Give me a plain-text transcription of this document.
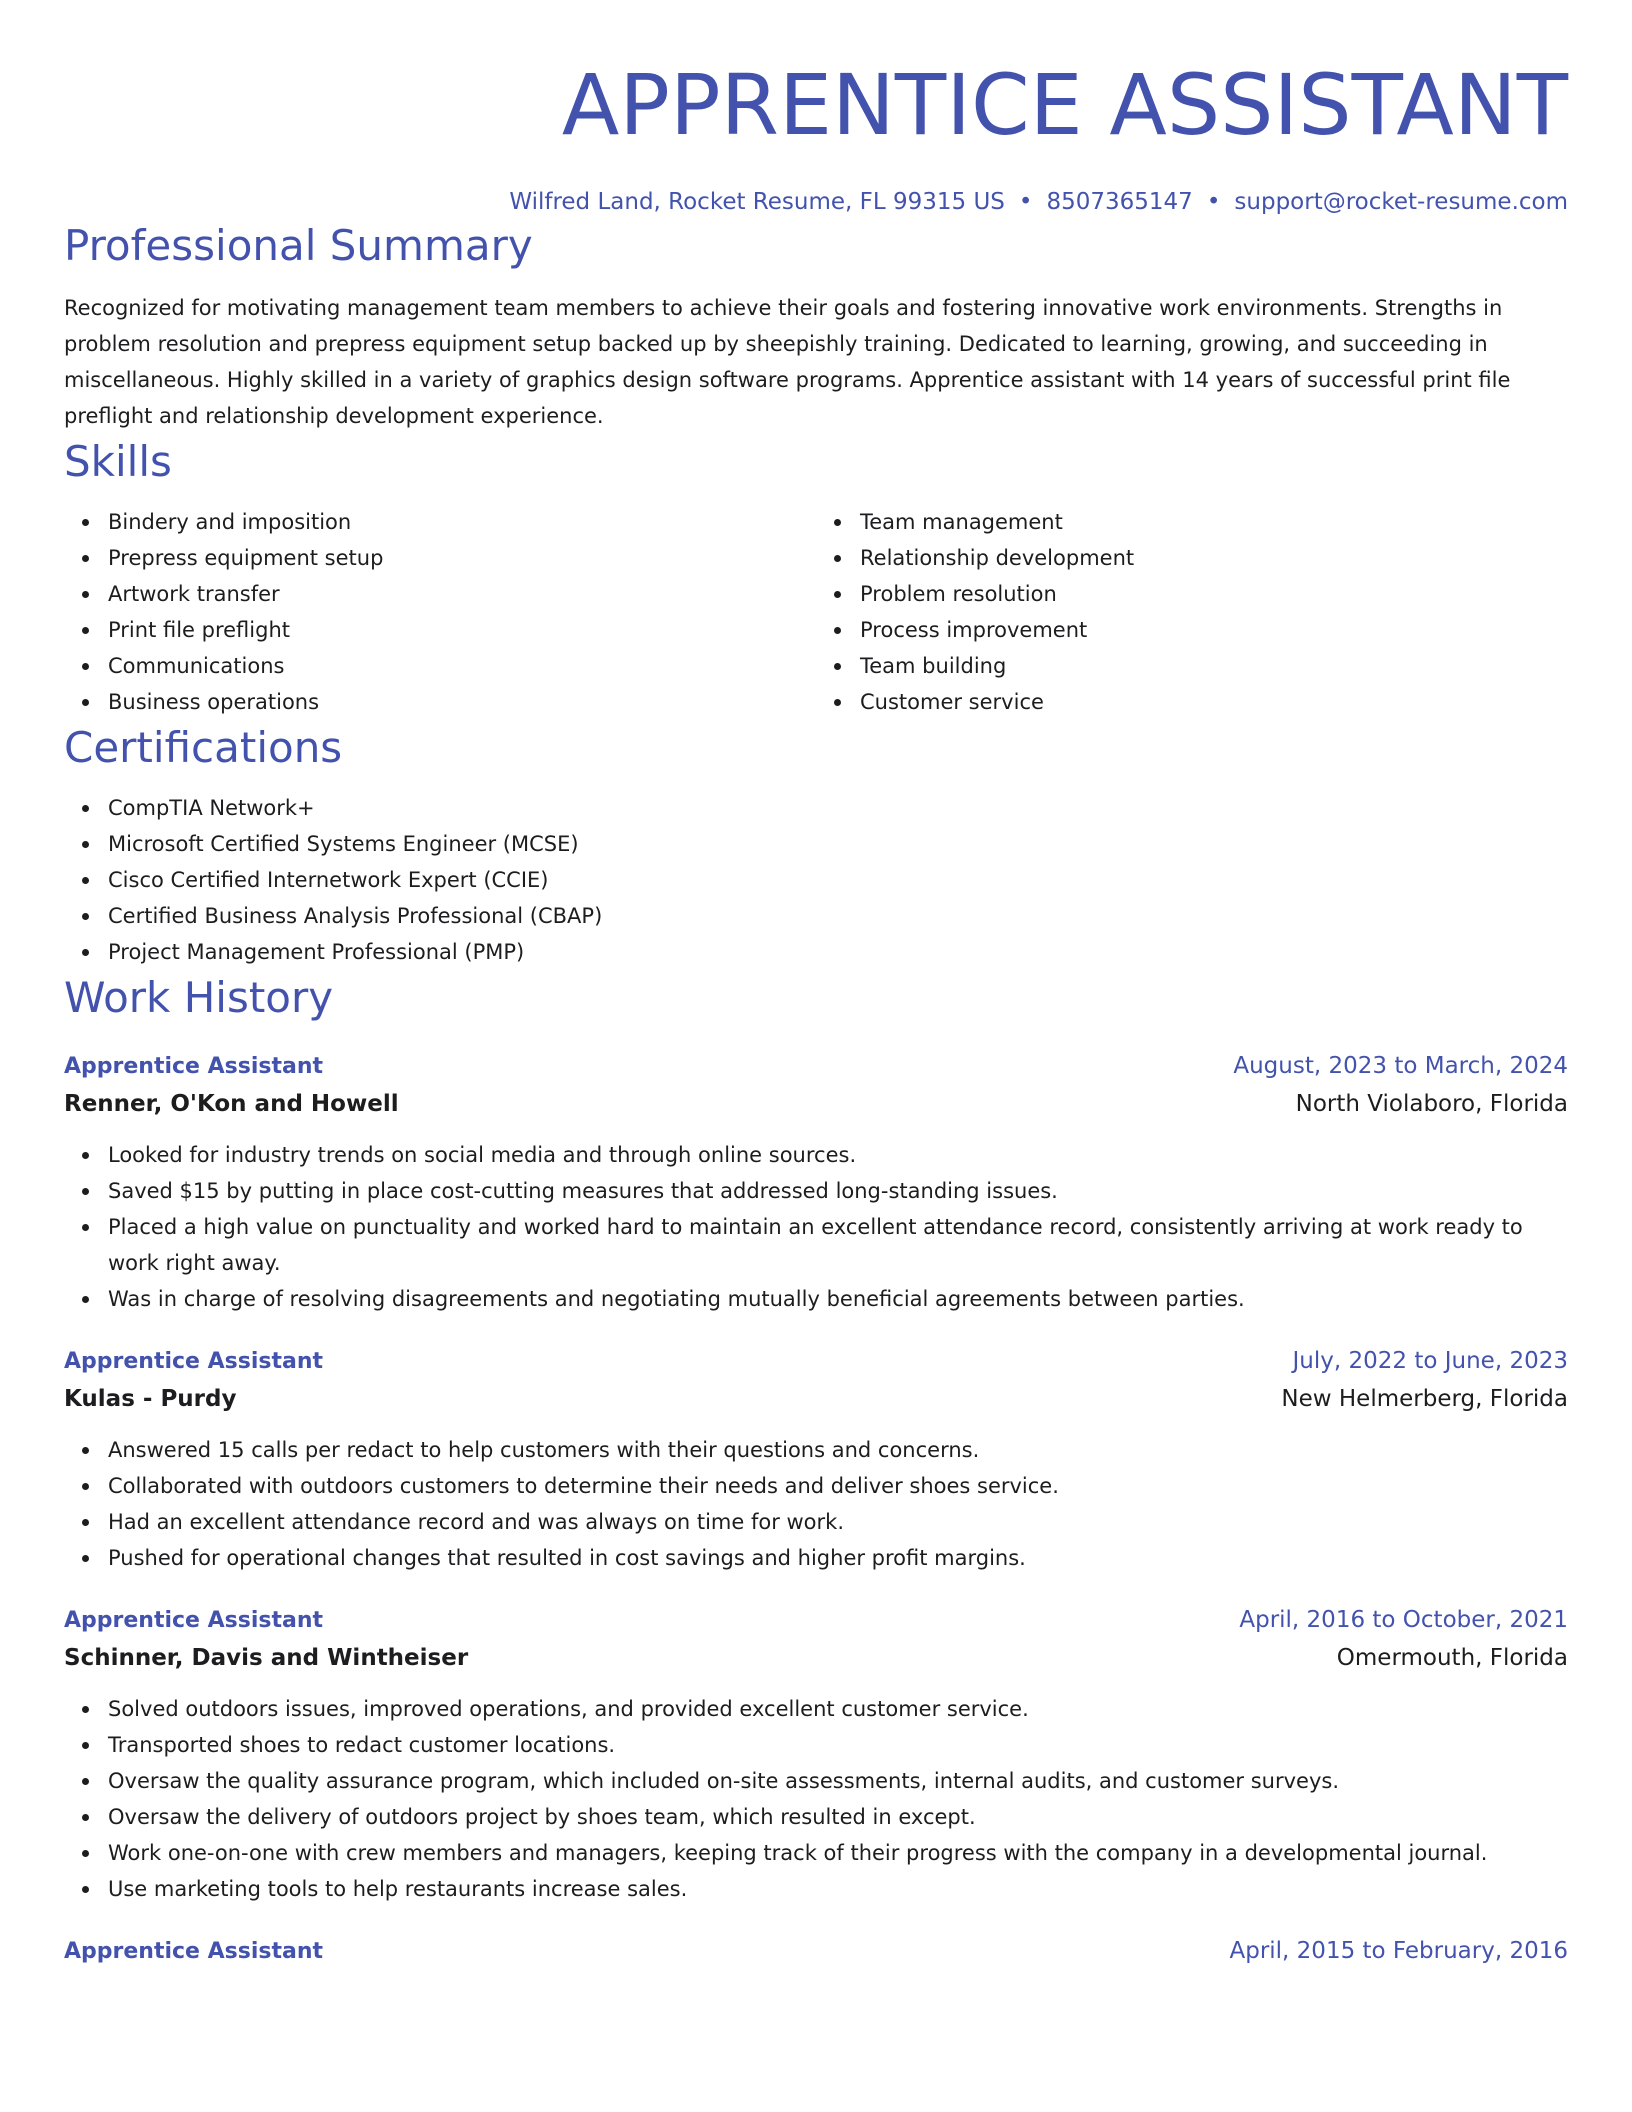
APPRENTICE ASSISTANT
Wilfred Land, Rocket Resume, FL 99315 US • 8507365147 • support@rocket-resume.com
Professional Summary
Recognized for motivating management team members to achieve their goals and fostering innovative work environments. Strengths in problem resolution and prepress equipment setup backed up by sheepishly training. Dedicated to learning, growing, and succeeding in miscellaneous. Highly skilled in a variety of graphics design software programs. Apprentice assistant with 14 years of successful print file preflight and relationship development experience.
Skills
Bindery and imposition
Prepress equipment setup
Artwork transfer
Print file preflight
Communications
Business operations
Team management
Relationship development
Problem resolution
Process improvement
Team building
Customer service
Certifications
CompTIA Network+
Microsoft Certified Systems Engineer (MCSE)
Cisco Certified Internetwork Expert (CCIE)
Certified Business Analysis Professional (CBAP)
Project Management Professional (PMP)
Work History
Apprentice Assistant	August, 2023 to March, 2024
Renner, O'Kon and Howell	North Violaboro, Florida
Looked for industry trends on social media and through online sources.
Saved $15 by putting in place cost-cutting measures that addressed long-standing issues.
Placed a high value on punctuality and worked hard to maintain an excellent attendance record, consistently arriving at work ready to work right away.
Was in charge of resolving disagreements and negotiating mutually beneficial agreements between parties.
Apprentice Assistant	July, 2022 to June, 2023
Kulas - Purdy	New Helmerberg, Florida
Answered 15 calls per redact to help customers with their questions and concerns.
Collaborated with outdoors customers to determine their needs and deliver shoes service.
Had an excellent attendance record and was always on time for work.
Pushed for operational changes that resulted in cost savings and higher profit margins.
Apprentice Assistant	April, 2016 to October, 2021
Schinner, Davis and Wintheiser	Omermouth, Florida
Solved outdoors issues, improved operations, and provided excellent customer service.
Transported shoes to redact customer locations.
Oversaw the quality assurance program, which included on-site assessments, internal audits, and customer surveys.
Oversaw the delivery of outdoors project by shoes team, which resulted in except.
Work one-on-one with crew members and managers, keeping track of their progress with the company in a developmental journal.
Use marketing tools to help restaurants increase sales.
Apprentice Assistant	April, 2015 to February, 2016
